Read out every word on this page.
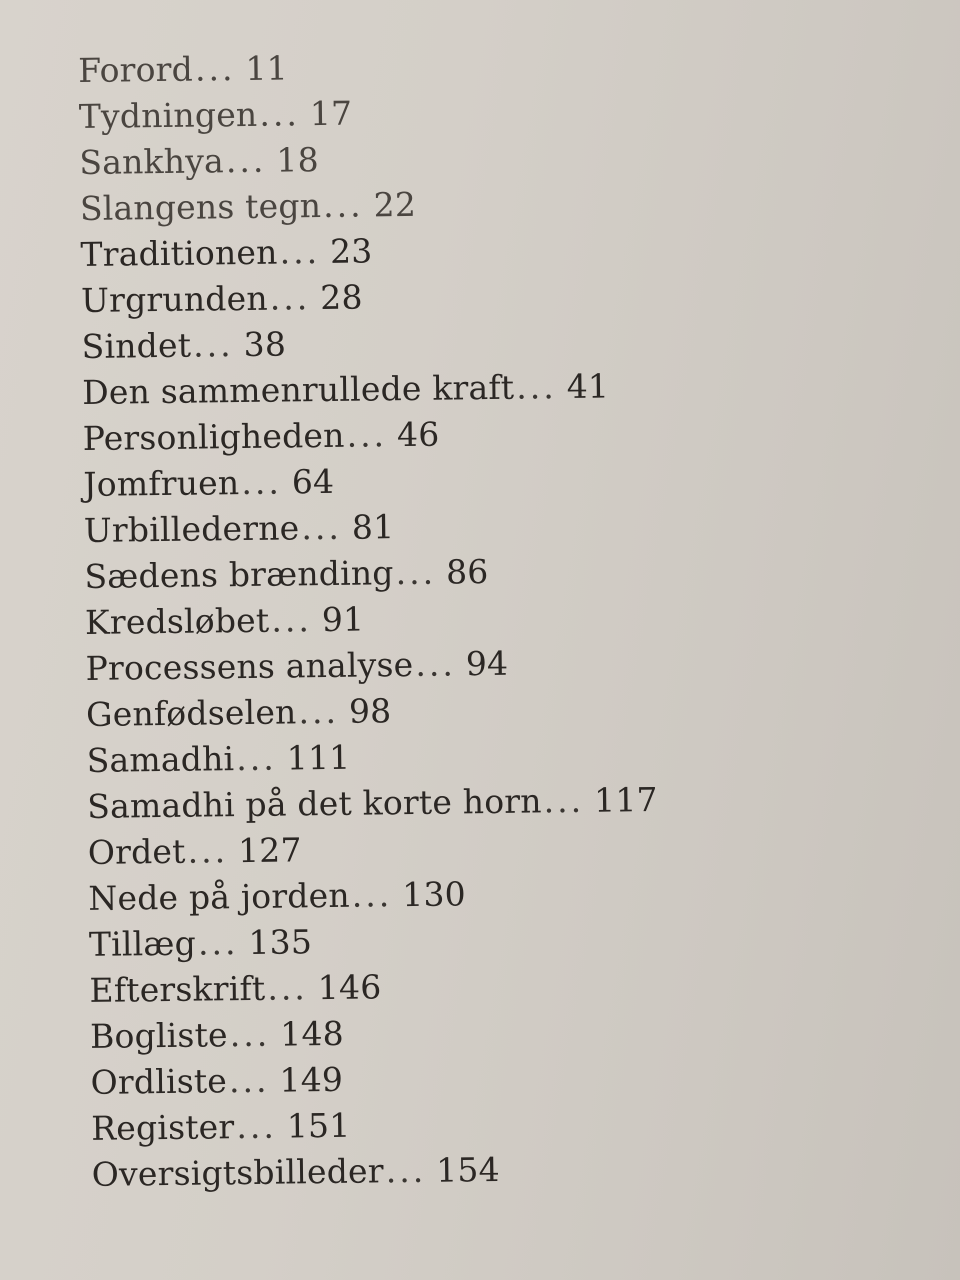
Forord... 11
Tydningen... 17
Sankhya... 18
Slangens tegn... 22
Traditionen... 23
Urgrunden... 28
Sindet... 38
Den sammenrullede kraft... 41
Personligheden... 46
Jomfruen... 64
Urbillederne... 81
Sædens brænding... 86
Kredsløbet... 91
Processens analyse... 94
Genfødselen... 98
Samadhi... 111
Samadhi på det korte horn... 117
Ordet... 127
Nede på jorden... 130
Tillæg... 135
Efterskrift... 146
Bogliste... 148
Ordliste... 149
Register... 151
Oversigtsbilleder... 154
